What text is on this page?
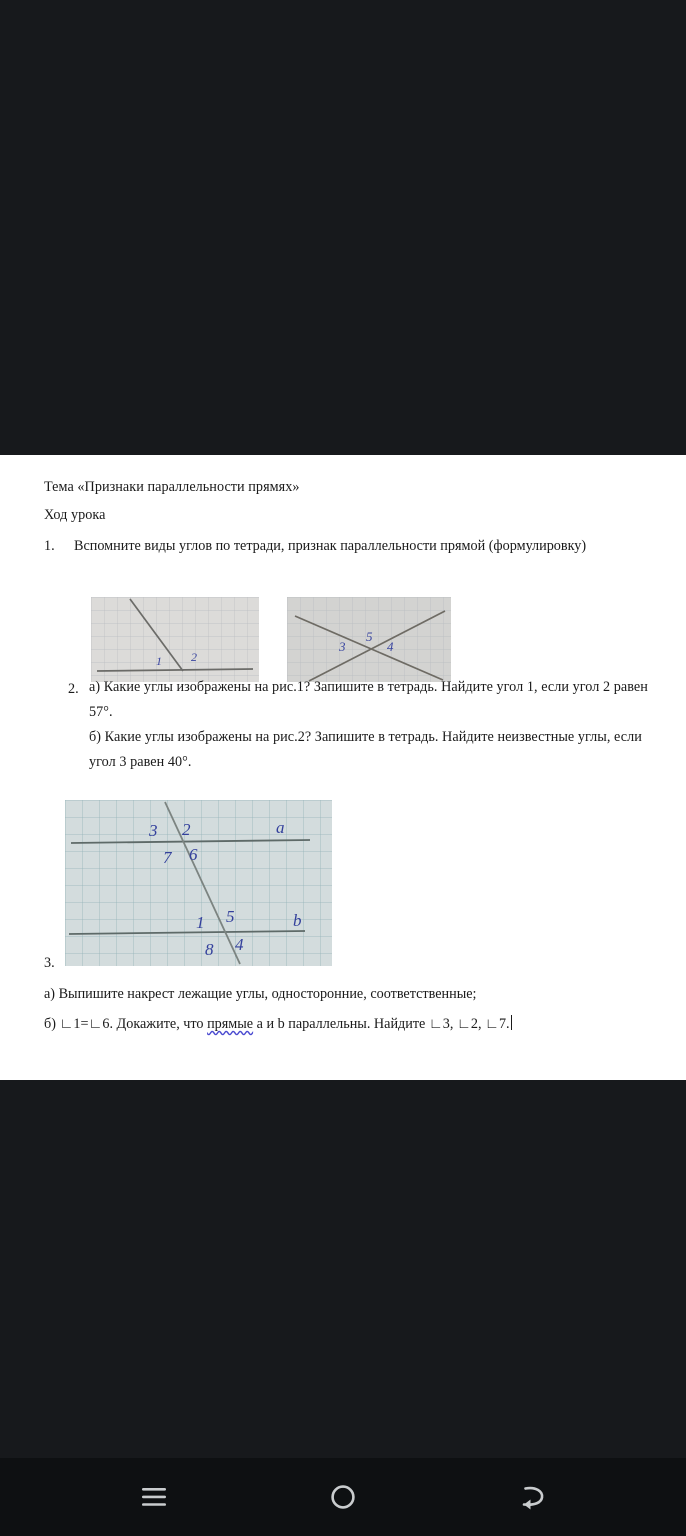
Тема «Признаки параллельности прямях»
Ход урока
1. Вспомните виды углов по тетради, признак параллельности прямой (формулировку)
1 2

3
5
4
2. а) Какие углы изображены на рис.1? Запишите в тетрадь. Найдите угол 1, если угол 2 равен 57°.
б) Какие углы изображены на рис.2? Запишите в тетрадь. Найдите неизвестные углы, если угол 3 равен 40°.
3 2
7 6
a
1 5
8 4
b
3.
а) Выпишите накрест лежащие углы, односторонние, соответственные;
б) ∟1=∟6. Докажите, что прямые а и b параллельны. Найдите ∟3, ∟2, ∟7.
